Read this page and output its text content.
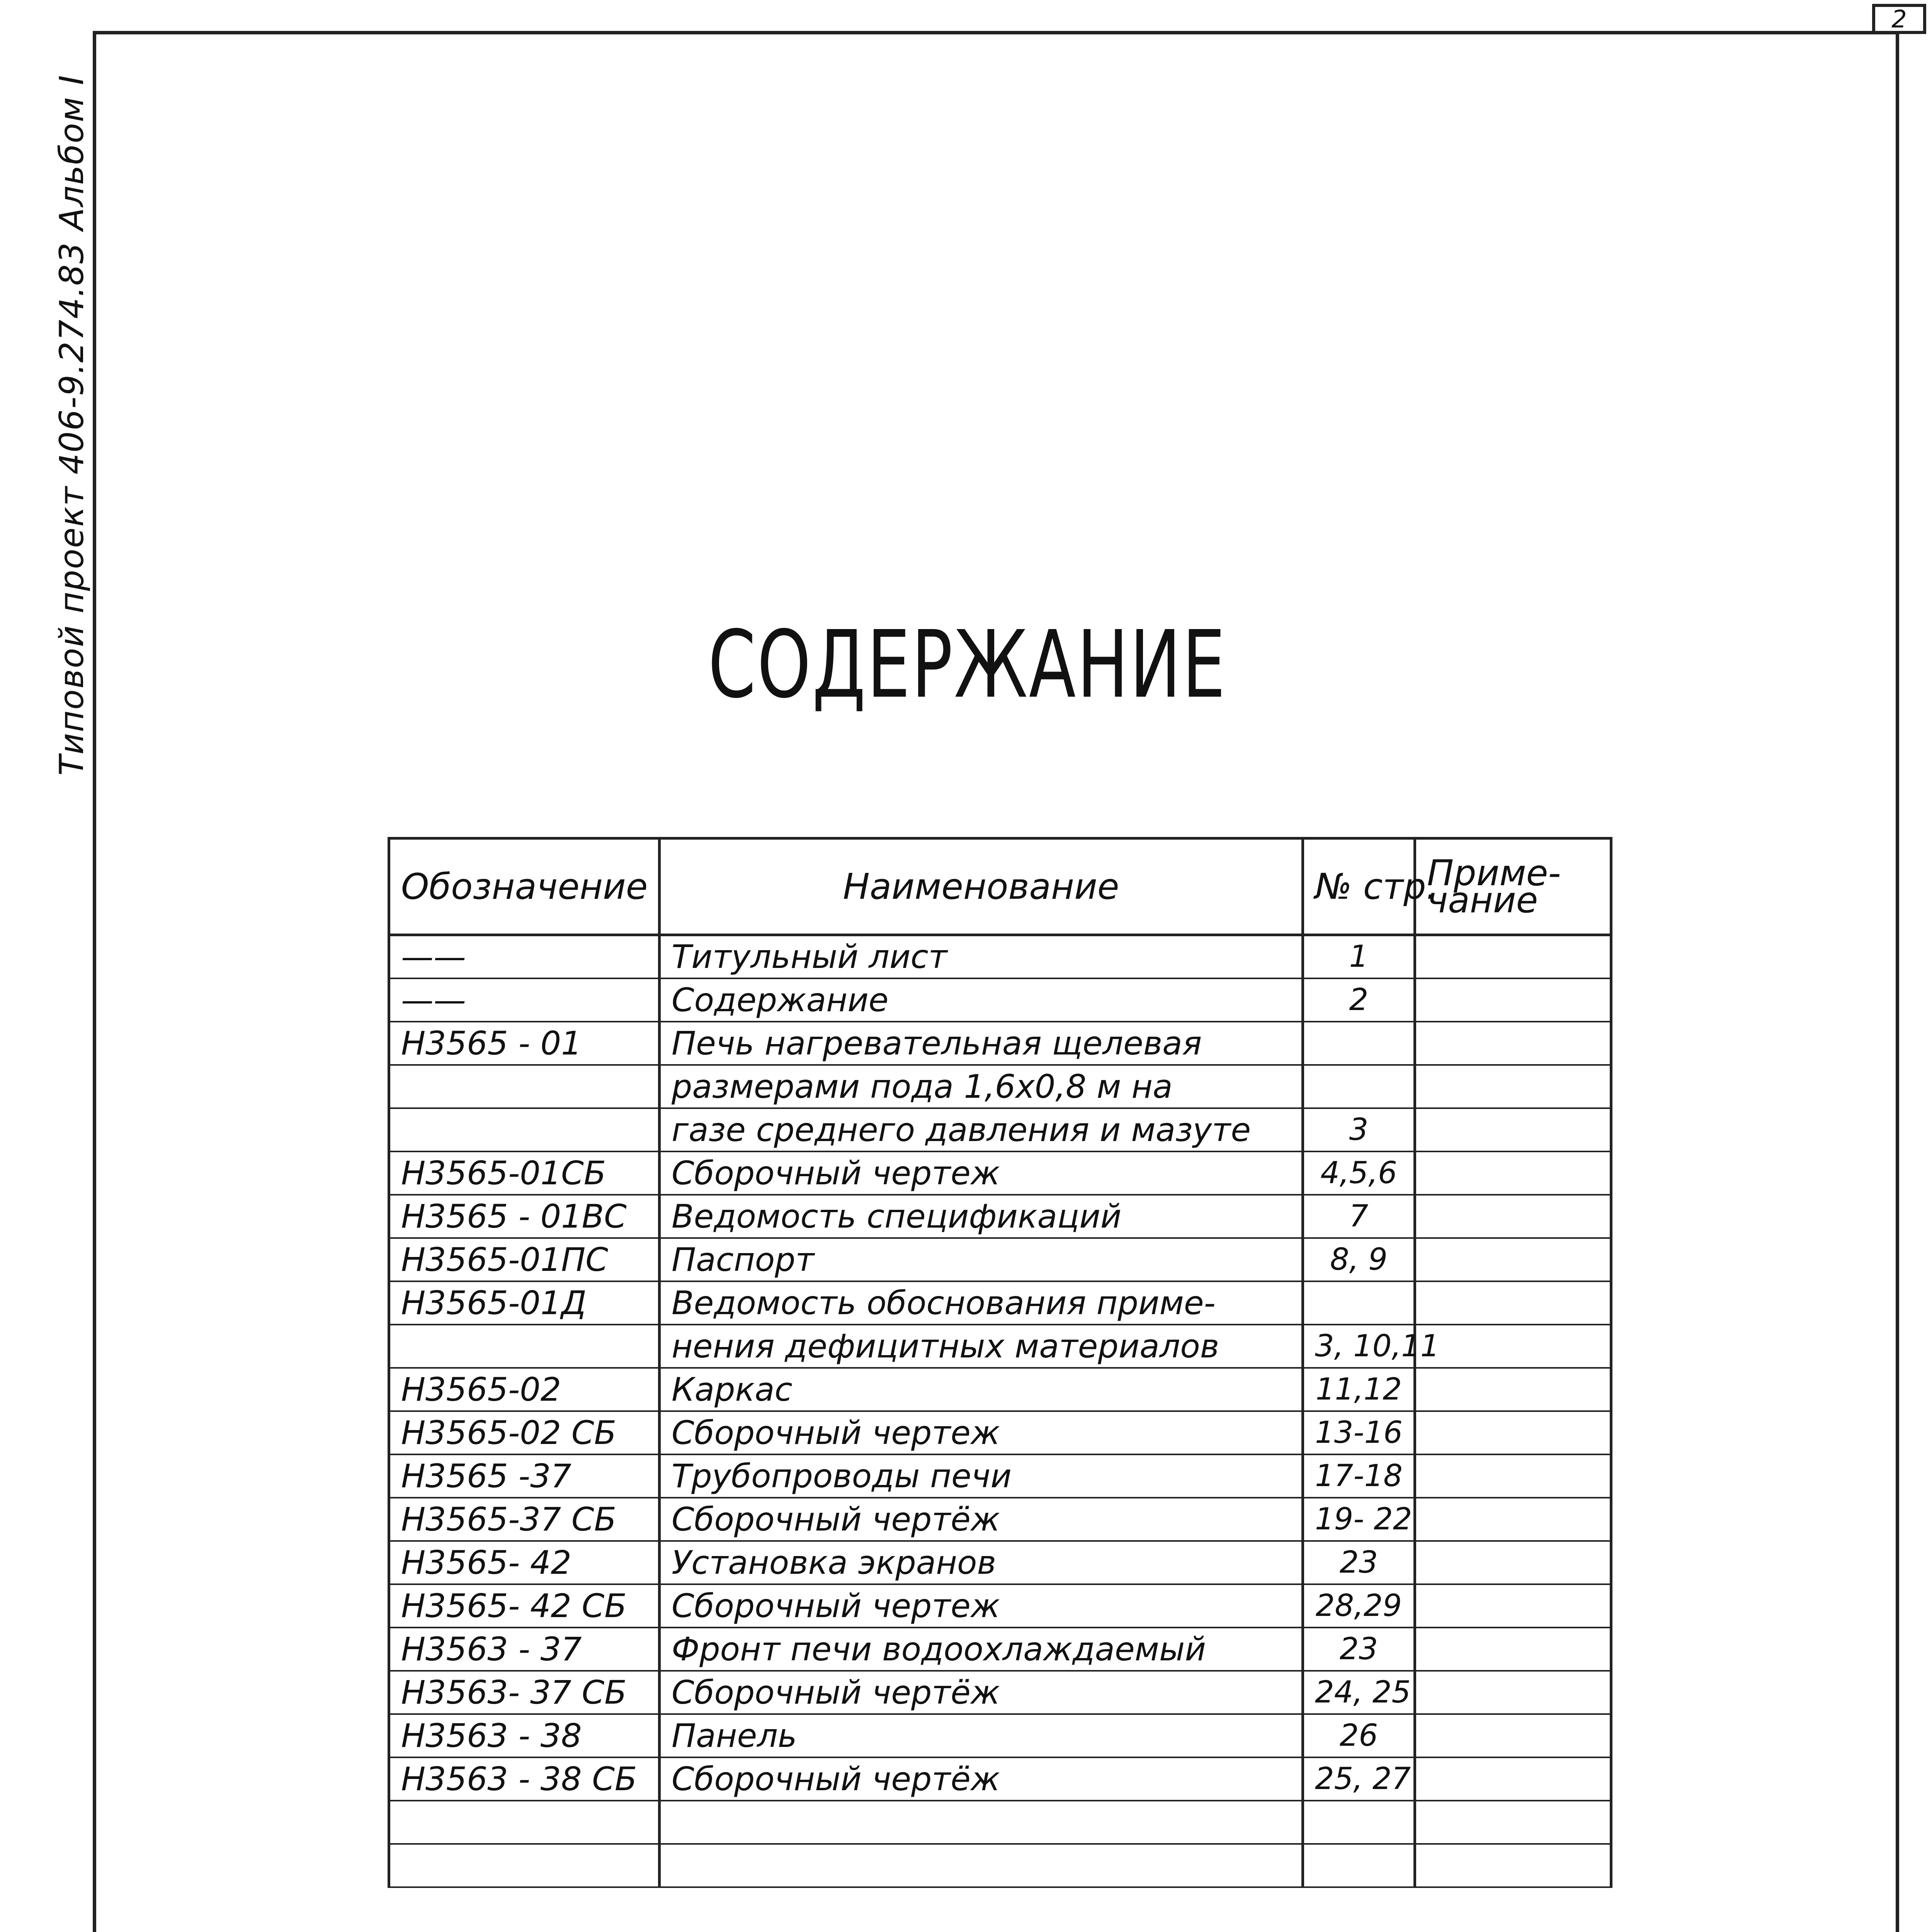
2
Типовой проект 406-9.274.83 Альбом I	СОДЕРЖАНИЕ
Обозначение	Наименование	№ стр.	Приме-
чание
——	Титульный лист	1	
——	Содержание	2	
Н3565 - 01	Печь нагревательная щелевая		
	размерами пода 1,6х0,8 м на		
	газе среднего давления и мазуте	3	
Н3565-01СБ	Сборочный чертеж	4,5,6	
Н3565 - 01ВС	Ведомость спецификаций	7	
Н3565-01ПС	Паспорт	8, 9	
Н3565-01Д	Ведомость обоснования приме-		
	нения дефицитных материалов	3, 10,11	
Н3565-02	Каркас	11,12	
Н3565-02 СБ	Сборочный чертеж	13-16	
Н3565 -37	Трубопроводы печи	17-18	
Н3565-37 СБ	Сборочный чертёж	19- 22	
Н3565- 42	Установка экранов	23	
Н3565- 42 СБ	Сборочный чертеж	28,29	
Н3563 - 37	Фронт печи водоохлаждаемый	23	
Н3563- 37 СБ	Сборочный чертёж	24, 25	
Н3563 - 38	Панель	26	
Н3563 - 38 СБ	Сборочный чертёж	25, 27	
